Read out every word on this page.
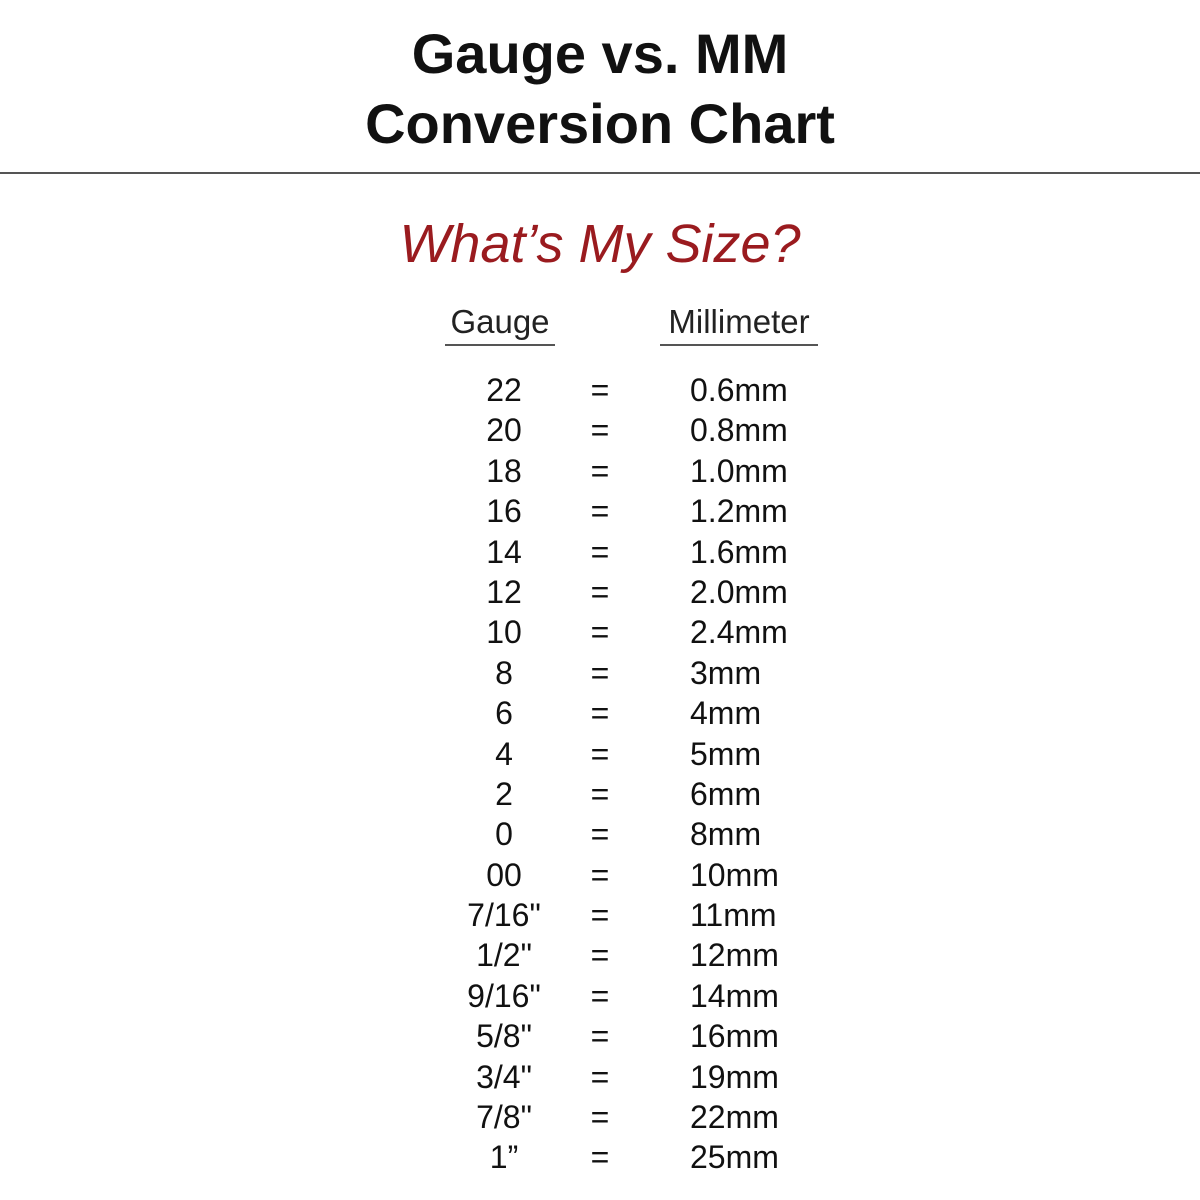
Gauge vs. MM
Conversion Chart
What’s My Size?
Gauge	Millimeter
22	=	0.6mm
20	=	0.8mm
18	=	1.0mm
16	=	1.2mm
14	=	1.6mm
12	=	2.0mm
10	=	2.4mm
8	=	3mm
6	=	4mm
4	=	5mm
2	=	6mm
0	=	8mm
00	=	10mm
7/16"	=	11mm
1/2"	=	12mm
9/16"	=	14mm
5/8"	=	16mm
3/4"	=	19mm
7/8"	=	22mm
1”	=	25mm
